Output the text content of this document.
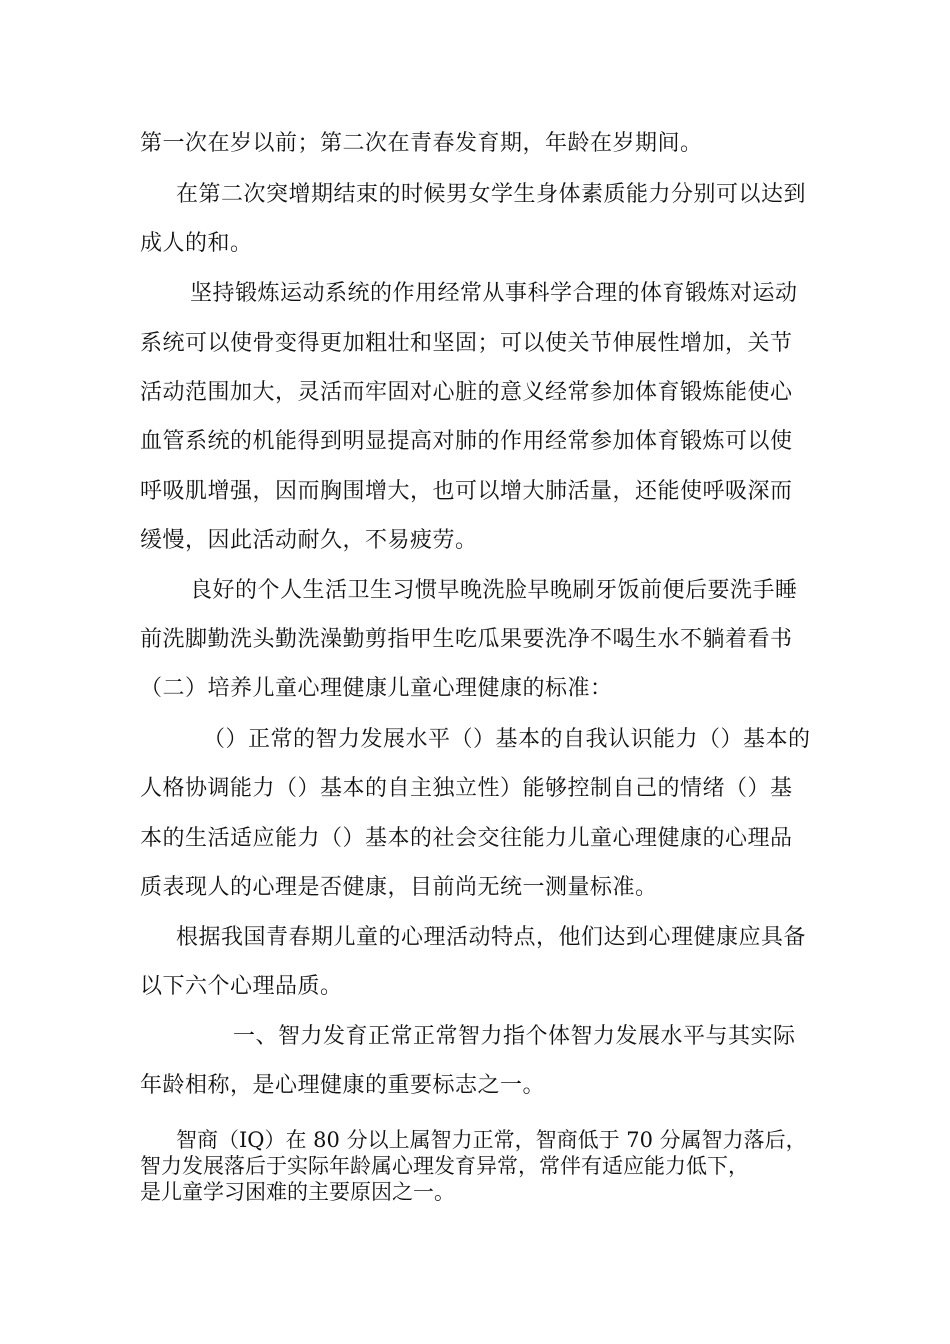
第一次在岁以前；第二次在青春发育期，年龄在岁期间。
在第二次突增期结束的时候男女学生身体素质能力分别可以达到
成人的和。
坚持锻炼运动系统的作用经常从事科学合理的体育锻炼对运动
系统可以使骨变得更加粗壮和坚固；可以使关节伸展性增加，关节
活动范围加大，灵活而牢固对心脏的意义经常参加体育锻炼能使心
血管系统的机能得到明显提高对肺的作用经常参加体育锻炼可以使
呼吸肌增强，因而胸围增大，也可以增大肺活量，还能使呼吸深而
缓慢，因此活动耐久，不易疲劳。
良好的个人生活卫生习惯早晚洗脸早晚刷牙饭前便后要洗手睡
前洗脚勤洗头勤洗澡勤剪指甲生吃瓜果要洗净不喝生水不躺着看书
（二）培养儿童心理健康儿童心理健康的标准：
（）正常的智力发展水平（）基本的自我认识能力（）基本的
人格协调能力（）基本的自主独立性）能够控制自己的情绪（）基
本的生活适应能力（）基本的社会交往能力儿童心理健康的心理品
质表现人的心理是否健康，目前尚无统一测量标准。
根据我国青春期儿童的心理活动特点，他们达到心理健康应具备
以下六个心理品质。
一、智力发育正常正常智力指个体智力发展水平与其实际
年龄相称，是心理健康的重要标志之一。
智商（IQ）在 80 分以上属智力正常，智商低于 70 分属智力落后，
智力发展落后于实际年龄属心理发育异常，常伴有适应能力低下，
是儿童学习困难的主要原因之一。
